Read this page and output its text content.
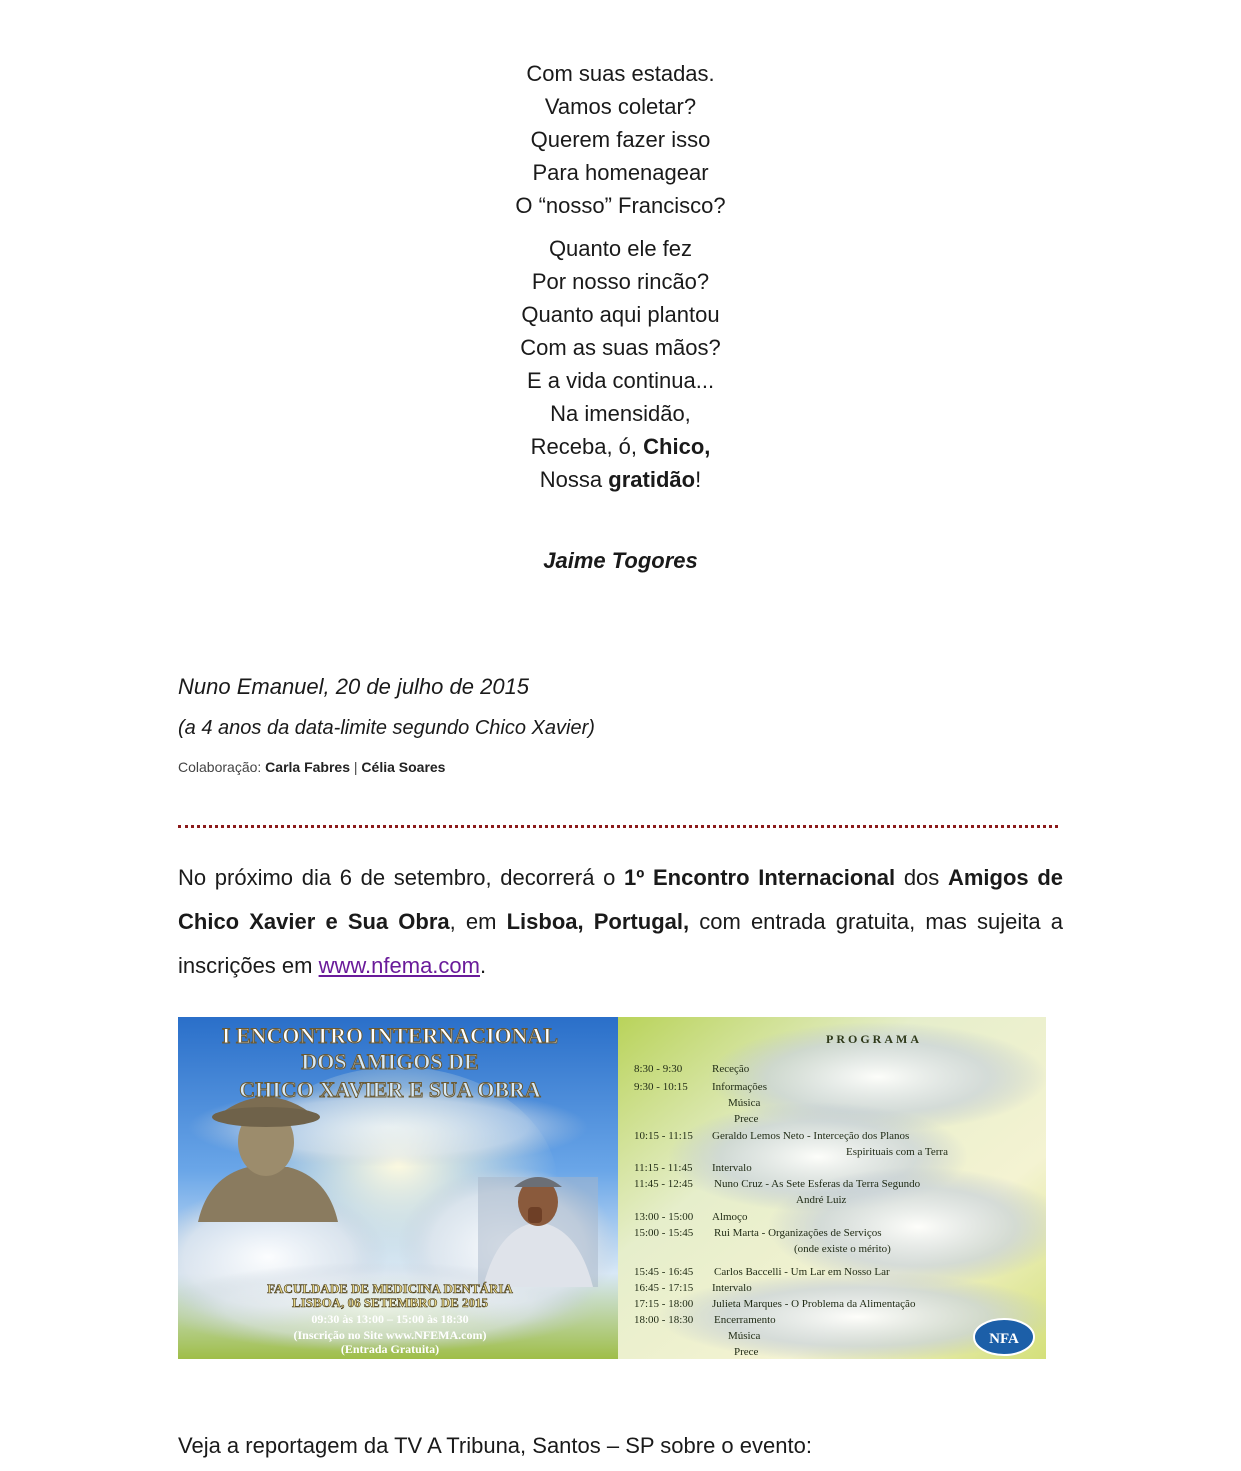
Com suas estadas.
Vamos coletar?
Querem fazer isso
Para homenagear
O “nosso” Francisco?
Quanto ele fez
Por nosso rincão?
Quanto aqui plantou
Com as suas mãos?
E a vida continua...
Na imensidão,
Receba, ó, Chico,
Nossa gratidão!
Jaime Togores
Nuno Emanuel, 20 de julho de 2015
(a 4 anos da data-limite segundo Chico Xavier)
Colaboração: Carla Fabres | Célia Soares
No próximo dia 6 de setembro, decorrerá o 1º Encontro Internacional dos Amigos de Chico Xavier e Sua Obra, em Lisboa, Portugal, com entrada gratuita, mas sujeita a inscrições em www.nfema.com.
I ENCONTRO INTERNACIONAL
DOS AMIGOS DE
CHICO XAVIER E SUA OBRA
FACULDADE DE MEDICINA DENTÁRIA
LISBOA, 06 SETEMBRO DE 2015
09:30 às 13:00 – 15:00 às 18:30
(Inscrição no Site www.NFEMA.com)
(Entrada Gratuita)
PROGRAMA
8:30 - 9:30	Receção
9:30 - 10:15 Informações
Música
Prece
10:15 - 11:15 Geraldo Lemos Neto - Interceção dos Planos
Espirituais com a Terra
11:15 - 11:45 Intervalo
11:45 - 12:45 Nuno Cruz - As Sete Esferas da Terra Segundo
André Luiz
13:00 - 15:00 Almoço
15:00 - 15:45 Rui Marta - Organizações de Serviços
(onde existe o mérito)
15:45 - 16:45 Carlos Baccelli - Um Lar em Nosso Lar
16:45 - 17:15 Intervalo
17:15 - 18:00 Julieta Marques - O Problema da Alimentação
18:00 - 18:30 Encerramento
Música
Prece
NFA
Veja a reportagem da TV A Tribuna, Santos – SP sobre o evento:
